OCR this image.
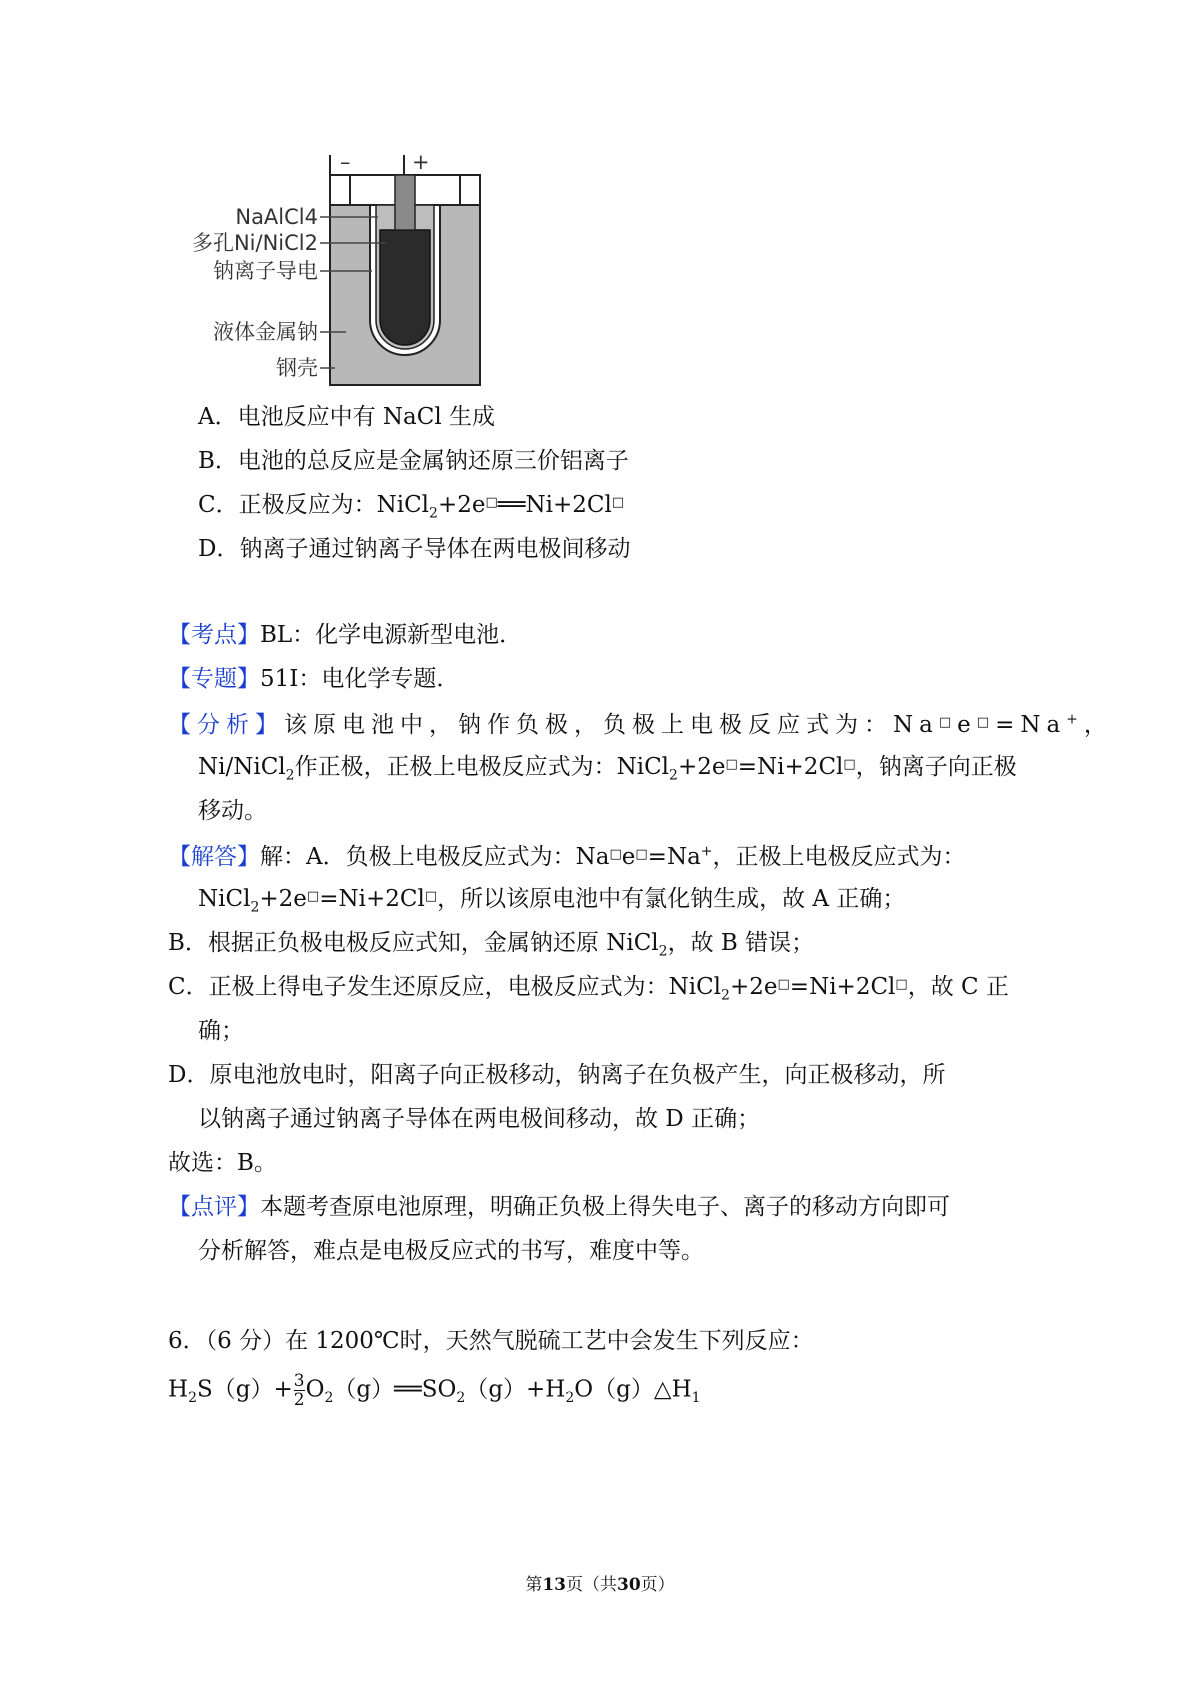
–	+
NaAlCl4
多孔Ni/NiCl2
钠离子导电
液体金属钠
钢壳
A．电池反应中有 NaCl 生成
B．电池的总反应是金属钠还原三价铝离子
C．正极反应为：NiCl$_2$+2e□══Ni+2Cl□
D．钠离子通过钠离子导体在两电极间移动
【考点】BL：化学电源新型电池．
【专题】51I：电化学专题．
【分析】该原电池中，钠作负极，负极上电极反应式为：Na□e□=Na+，
Ni/NiCl$_2$作正极，正极上电极反应式为：NiCl$_2$+2e□=Ni+2Cl□，钠离子向正极
移动。
【解答】解：A．负极上电极反应式为：Na□e□=Na+，正极上电极反应式为：
NiCl$_2$+2e□=Ni+2Cl□，所以该原电池中有氯化钠生成，故 A 正确；
B．根据正负极电极反应式知，金属钠还原 NiCl$_2$，故 B 错误；
C．正极上得电子发生还原反应，电极反应式为：NiCl$_2$+2e□=Ni+2Cl□，故 C 正
确；
D．原电池放电时，阳离子向正极移动，钠离子在负极产生，向正极移动，所
以钠离子通过钠离子导体在两电极间移动，故 D 正确；
故选：B。
【点评】本题考查原电池原理，明确正负极上得失电子、离子的移动方向即可
分析解答，难点是电极反应式的书写，难度中等。
6．（6 分）在 1200℃时，天然气脱硫工艺中会发生下列反应：
$H_2S(g)+ \frac{3}{2}$ $O_2(g)══SO_2(g)+H_2O(g)\triangle H_1$
第13页（共30页）
